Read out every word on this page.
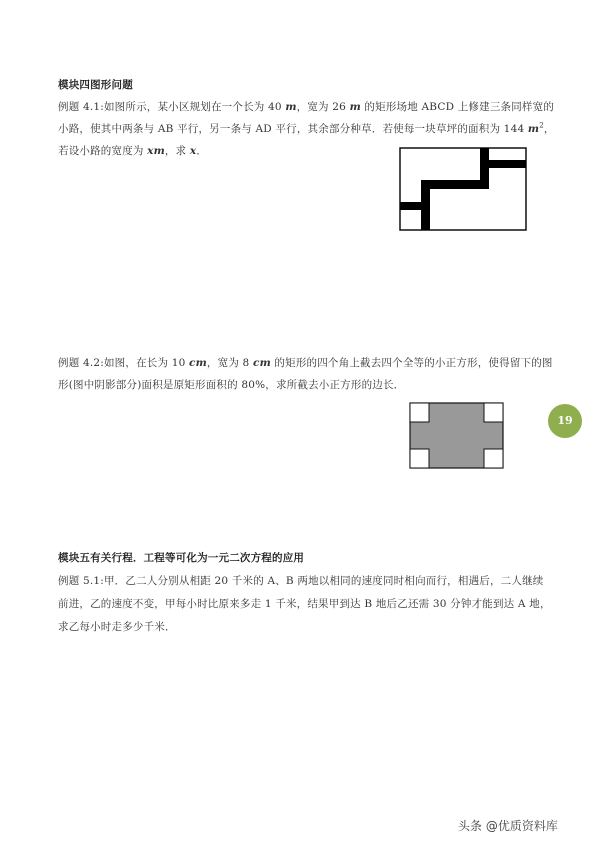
模块四图形问题
例题 4.1:如图所示，某小区规划在一个长为 40 m，宽为 26 m 的矩形场地 ABCD 上修建三条同样宽的
小路，使其中两条与 AB 平行，另一条与 AD 平行，其余部分种草．若使每一块草坪的面积为 144 $m^2$，
若设小路的宽度为 xm，求 x．
例题 4.2:如图，在长为 10 cm，宽为 8 cm 的矩形的四个角上截去四个全等的小正方形，使得留下的图
形(图中阴影部分)面积是原矩形面积的 80%，求所截去小正方形的边长．
19
模块五有关行程．工程等可化为一元二次方程的应用
例题 5.1:甲．乙二人分别从相距 20 千米的 A、B 两地以相同的速度同时相向而行，相遇后，二人继续
前进，乙的速度不变，甲每小时比原来多走 1 千米，结果甲到达 B 地后乙还需 30 分钟才能到达 A 地，
求乙每小时走多少千米．
头条 @优质资料库
